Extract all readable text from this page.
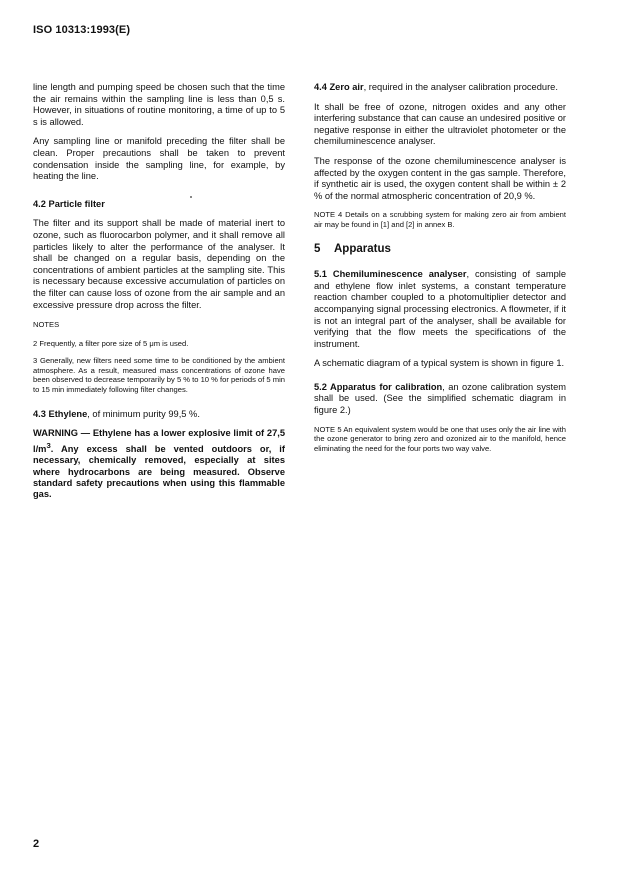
ISO 10313:1993(E)

line length and pumping speed be chosen such that the time the air remains within the sampling line is less than 0,5 s. However, in situations of routine monitoring, a time of up to 5 s is allowed.

Any sampling line or manifold preceding the filter shall be clean. Proper precautions shall be taken to prevent condensation inside the sampling line, for example, by heating the line.

4.2 Particle filter

The filter and its support shall be made of material inert to ozone, such as fluorocarbon polymer, and it shall remove all particles likely to alter the performance of the analyser. It shall be changed on a regular basis, depending on the concentrations of ambient particles at the sampling site. This is necessary because excessive accumulation of particles on the filter can cause loss of ozone from the air sample and an excessive pressure drop across the filter.

NOTES
2 Frequently, a filter pore size of 5 μm is used.
3 Generally, new filters need some time to be conditioned by the ambient atmosphere. As a result, measured mass concentrations of ozone have been observed to decrease temporarily by 5 % to 10 % for periods of 5 min to 15 min immediately following filter changes.

4.3 Ethylene, of minimum purity 99,5 %.

WARNING — Ethylene has a lower explosive limit of 27,5 $l/m^3$. Any excess shall be vented outdoors or, if necessary, chemically removed, especially at sites where hydrocarbons are being measured. Observe standard safety precautions when using this flammable gas.

4.4 Zero air, required in the analyser calibration procedure.

It shall be free of ozone, nitrogen oxides and any other interfering substance that can cause an undesired positive or negative response in either the ultraviolet photometer or the chemiluminescence analyser.

The response of the ozone chemiluminescence analyser is affected by the oxygen content in the gas sample. Therefore, if synthetic air is used, the oxygen content shall be within ± 2 % of the normal atmospheric concentration of 20,9 %.

NOTE 4 Details on a scrubbing system for making zero air from ambient air may be found in [1] and [2] in annex B.
5 Apparatus

5.1 Chemiluminescence analyser, consisting of sample and ethylene flow inlet systems, a constant temperature reaction chamber coupled to a photomultiplier detector and accompanying signal processing electronics. A flowmeter, if it is not an integral part of the analyser, shall be available for verifying that the flow meets the specifications of the instrument.

A schematic diagram of a typical system is shown in figure 1.

5.2 Apparatus for calibration, an ozone calibration system shall be used. (See the simplified schematic diagram in figure 2.)

NOTE 5 An equivalent system would be one that uses only the air line with the ozone generator to bring zero and ozonized air to the manifold, hence eliminating the need for the four ports two way valve.
2
